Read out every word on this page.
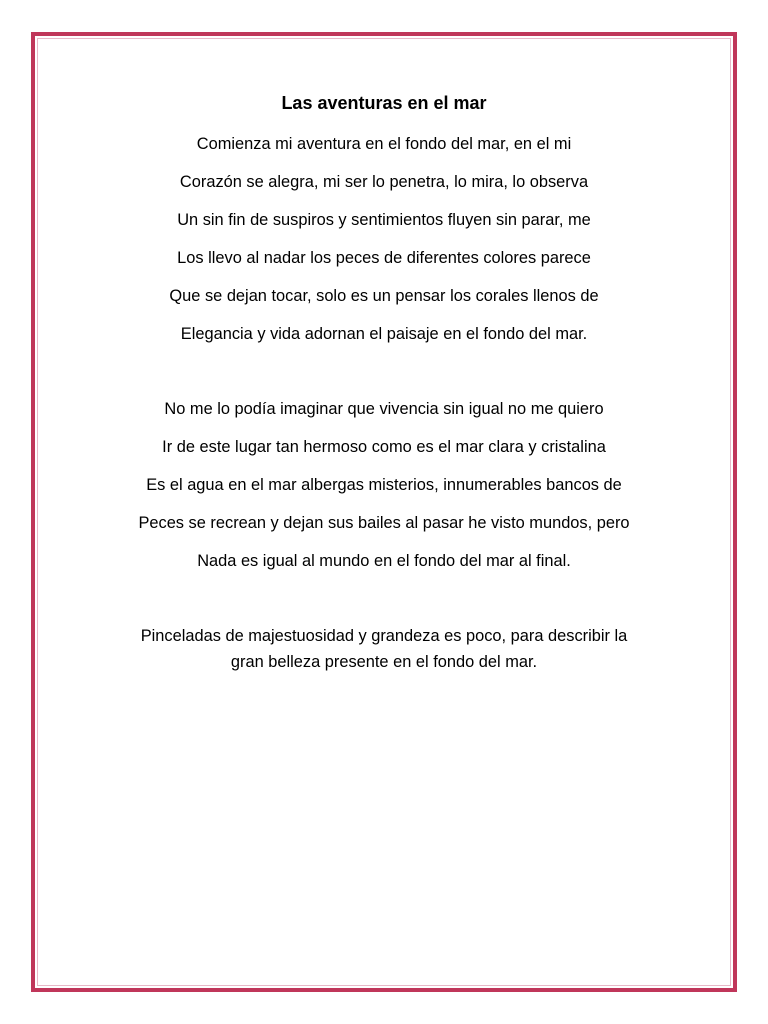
Las aventuras en el mar
Comienza mi aventura en el fondo del mar, en el mi
Corazón se alegra, mi ser lo penetra, lo mira, lo observa
Un sin fin de suspiros y sentimientos fluyen sin parar, me
Los llevo al nadar los peces de diferentes colores parece
Que se dejan tocar, solo es un pensar los corales llenos de
Elegancia y vida adornan el paisaje en el fondo del mar.
No me lo podía imaginar que vivencia sin igual no me quiero
Ir de este lugar tan hermoso como es el mar clara y cristalina
Es el agua en el mar albergas misterios, innumerables bancos de
Peces se recrean y dejan sus bailes al pasar he visto mundos, pero
Nada es igual al mundo en el fondo del mar al final.
Pinceladas de majestuosidad y grandeza es poco, para describir la
gran belleza presente en el fondo del mar.
